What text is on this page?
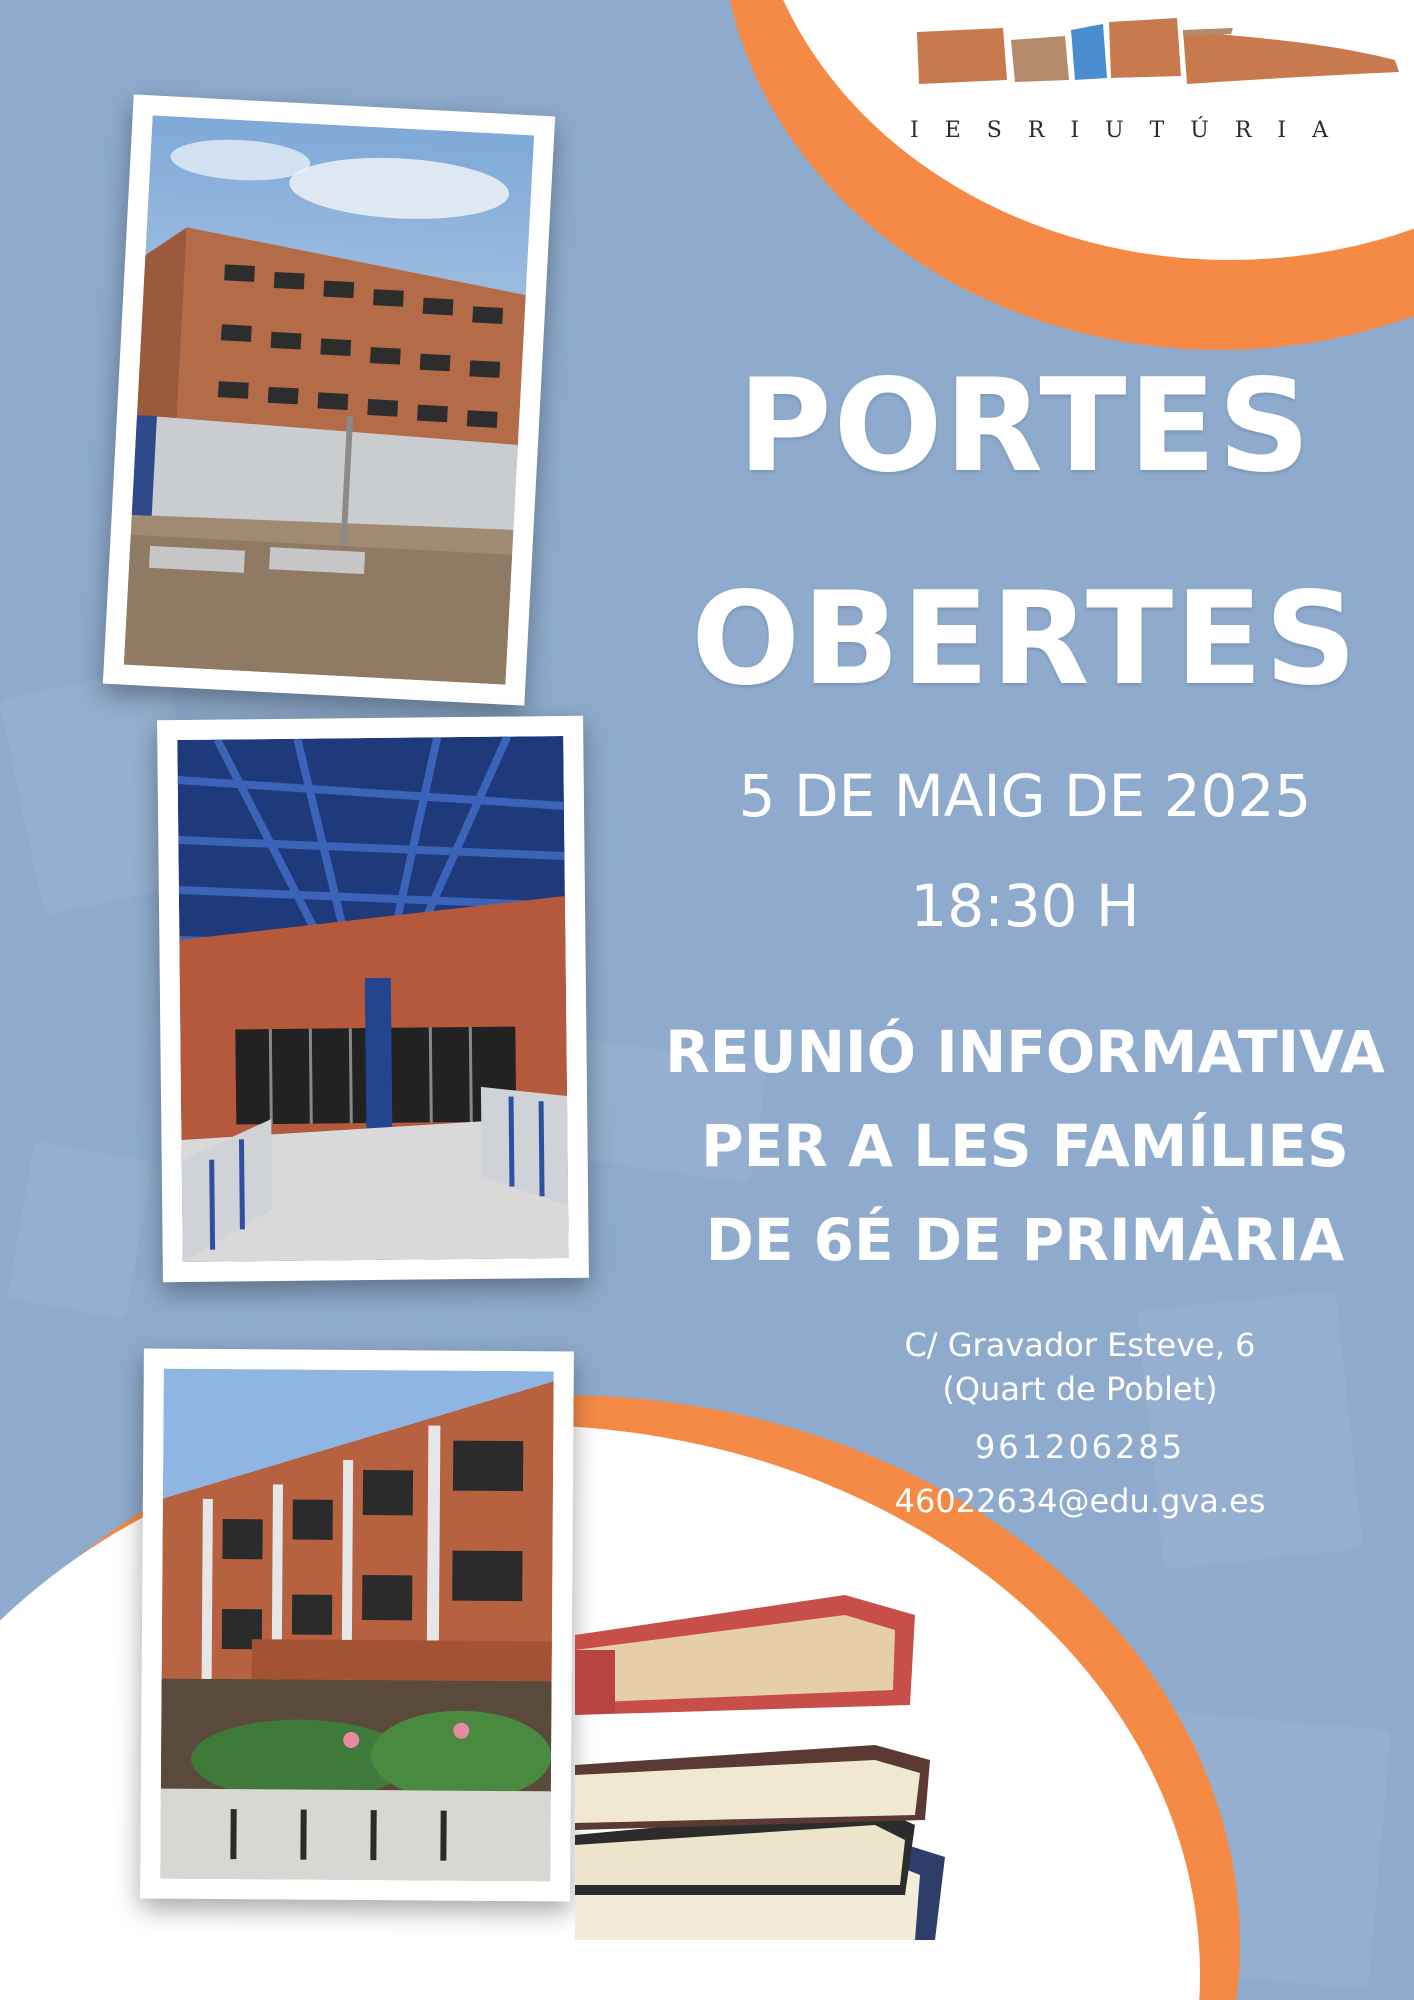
IESRIUTÚRIA
PORTES
OBERTES
5 DE MAIG DE 2025
18:30 H
REUNIÓ INFORMATIVA
PER A LES FAMÍLIES
DE 6É DE PRIMÀRIA
C/ Gravador Esteve, 6
(Quart de Poblet)
961206285
46022634@edu.gva.es
